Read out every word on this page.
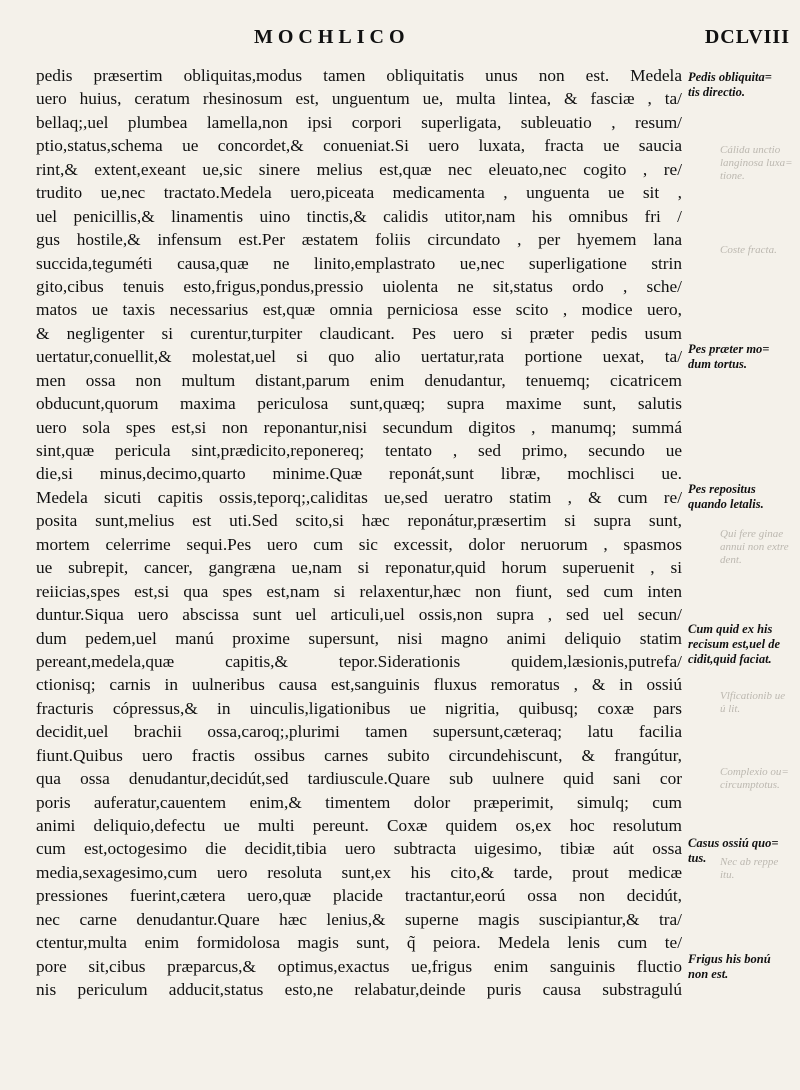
MOCHLICO	DCLVIII
pedis præsertim obliquitas,modus tamen obliquitatis unus non est. Medela
uero huius, ceratum rhesinosum est, unguentum ue, multa lintea, & fasciæ , ta/
bellaq;,uel plumbea lamella,non ipsi corpori superligata, subleuatio , resum/
ptio,status,schema ue concordet,& conueniat.Si uero luxata, fracta ue saucia
rint,& extent,exeant ue,sic sinere melius est,quæ nec eleuato,nec cogito , re/
trudito ue,nec tractato.Medela uero,piceata medicamenta , unguenta ue sit ,
uel penicillis,& linamentis uino tinctis,& calidis utitor,nam his omnibus fri /
gus hostile,& infensum est.Per æstatem foliis circundato , per hyemem lana
succida,teguméti causa,quæ ne linito,emplastrato ue,nec superligatione strin
gito,cibus tenuis esto,frigus,pondus,pressio uiolenta ne sit,status ordo , sche/
matos ue taxis necessarius est,quæ omnia perniciosa esse scito , modice uero,
& negligenter si curentur,turpiter claudicant. Pes uero si præter pedis usum
uertatur,conuellit,& molestat,uel si quo alio uertatur,rata portione uexat, ta/
men ossa non multum distant,parum enim denudantur, tenuemq; cicatricem
obducunt,quorum maxima periculosa sunt,quæq; supra maxime sunt, salutis
uero sola spes est,si non reponantur,nisi secundum digitos , manumq; summá
sint,quæ pericula sint,prædicito,reponereq; tentato , sed primo, secundo ue
die,si minus,decimo,quarto minime.Quæ reponát,sunt libræ, mochlisci ue.
Medela sicuti capitis ossis,teporq;,caliditas ue,sed ueratro statim , & cum re/
posita sunt,melius est uti.Sed scito,si hæc reponátur,præsertim si supra sunt,
mortem celerrime sequi.Pes uero cum sic excessit, dolor neruorum , spasmos
ue subrepit, cancer, gangræna ue,nam si reponatur,quid horum superuenit , si
reiicias,spes est,si qua spes est,nam si relaxentur,hæc non fiunt, sed cum inten
duntur.Siqua uero abscissa sunt uel articuli,uel ossis,non supra , sed uel secun/
dum pedem,uel manú proxime supersunt, nisi magno animi deliquio statim
pereant,medela,quæ capitis,& tepor.Siderationis quidem,læsionis,putrefa/
ctionisq; carnis in uulneribus causa est,sanguinis fluxus remoratus , & in ossiú
fracturis cópressus,& in uinculis,ligationibus ue nigritia, quibusq; coxæ pars
decidit,uel brachii ossa,caroq;,plurimi tamen supersunt,cæteraq; latu facilia
fiunt.Quibus uero fractis ossibus carnes subito circundehiscunt, & frangútur,
qua ossa denudantur,decidút,sed tardiuscule.Quare sub uulnere quid sani cor
poris auferatur,cauentem enim,& timentem dolor præperimit, simulq; cum
animi deliquio,defectu ue multi pereunt. Coxæ quidem os,ex hoc resolutum
cum est,octogesimo die decidit,tibia uero subtracta uigesimo, tibiæ aút ossa
media,sexagesimo,cum uero resoluta sunt,ex his cito,& tarde, prout medicæ
pressiones fuerint,cætera uero,quæ placide tractantur,eorú ossa non decidút,
nec carne denudantur.Quare hæc lenius,& superne magis suscipiantur,& tra/
ctentur,multa enim formidolosa magis sunt, q̃ peiora. Medela lenis cum te/
pore sit,cibus præparcus,& optimus,exactus ue,frigus enim sanguinis fluctio
nis periculum adducit,status esto,ne relabatur,deinde puris causa substragulú
Pedis obliquita=
tis directio.
Pes præter mo=
dum tortus.
Pes repositus
quando letalis.
Cum quid ex his
recisum est,uel de
cidit,quid faciat.
Casus ossiú quo=
tus.
Frigus his bonú
non est.
Cálida unctio
langinosa luxa=
tione.
Coste fracta.
Qui fere ginae
annui non extre
dent.
Vlficationib ue
ú lit.
Complexio ou=
circumptotus.
Nec ab reppe
itu.
